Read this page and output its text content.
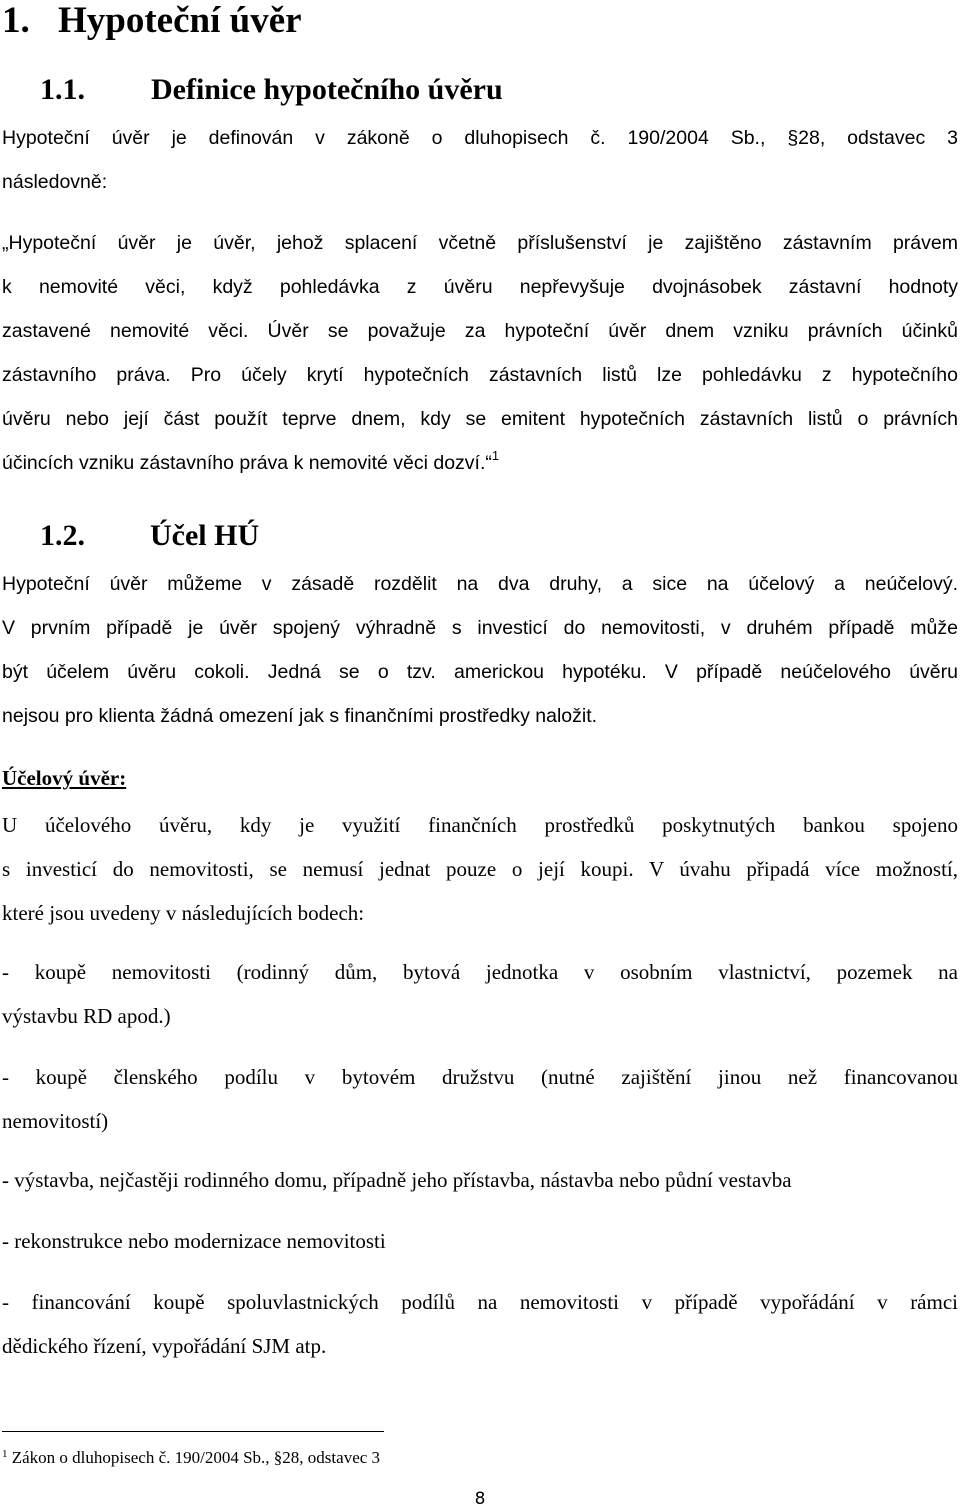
1. Hypoteční úvěr
1.1. Definice hypotečního úvěru
Hypoteční úvěr je definován v zákoně o dluhopisech č. 190/2004 Sb., §28, odstavec 3
následovně:
„Hypoteční úvěr je úvěr, jehož splacení včetně příslušenství je zajištěno zástavním právem
k nemovité věci, když pohledávka z úvěru nepřevyšuje dvojnásobek zástavní hodnoty
zastavené nemovité věci. Úvěr se považuje za hypoteční úvěr dnem vzniku právních účinků
zástavního práva. Pro účely krytí hypotečních zástavních listů lze pohledávku z hypotečního
úvěru nebo její část použít teprve dnem, kdy se emitent hypotečních zástavních listů o právních
účincích vzniku zástavního práva k nemovité věci dozví.“$^1$
1.2. Účel HÚ
Hypoteční úvěr můžeme v zásadě rozdělit na dva druhy, a sice na účelový a neúčelový.
V prvním případě je úvěr spojený výhradně s investicí do nemovitosti, v druhém případě může
být účelem úvěru cokoli. Jedná se o tzv. americkou hypotéku. V případě neúčelového úvěru
nejsou pro klienta žádná omezení jak s finančními prostředky naložit.
Účelový úvěr:
U účelového úvěru, kdy je využití finančních prostředků poskytnutých bankou spojeno
s investicí do nemovitosti, se nemusí jednat pouze o její koupi. V úvahu připadá více možností,
které jsou uvedeny v následujících bodech:
- koupě nemovitosti (rodinný dům, bytová jednotka v osobním vlastnictví, pozemek na
výstavbu RD apod.)
- koupě členského podílu v bytovém družstvu (nutné zajištění jinou než financovanou
nemovitostí)
- výstavba, nejčastěji rodinného domu, případně jeho přístavba, nástavba nebo půdní vestavba
- rekonstrukce nebo modernizace nemovitosti
- financování koupě spoluvlastnických podílů na nemovitosti v případě vypořádání v rámci
dědického řízení, vypořádání SJM atp.
$^1$ Zákon o dluhopisech č. 190/2004 Sb., §28, odstavec 3
8
